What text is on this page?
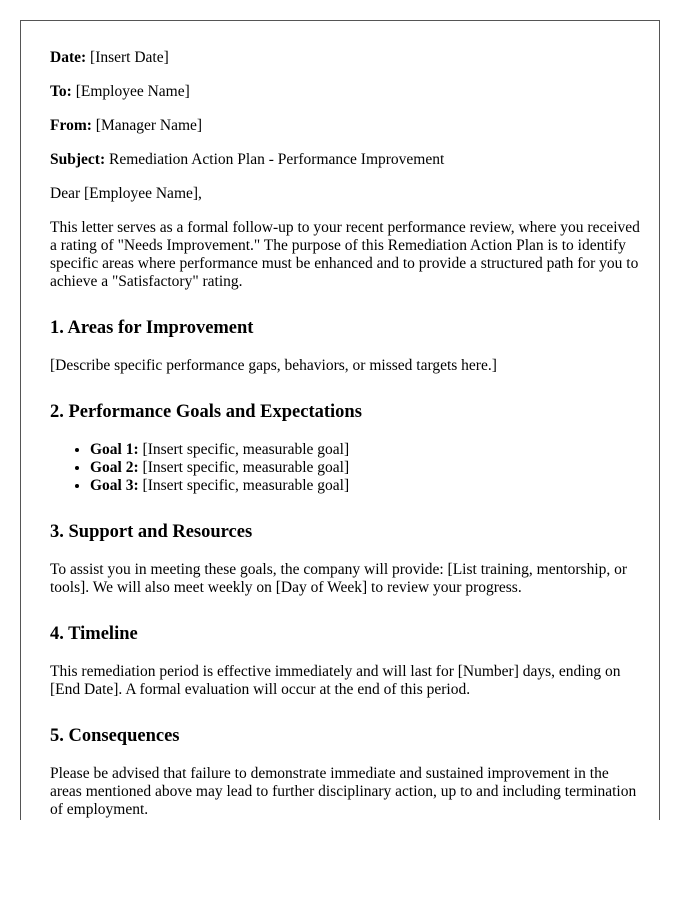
Date: [Insert Date]

To: [Employee Name]

From: [Manager Name]

Subject: Remediation Action Plan - Performance Improvement

Dear [Employee Name],

This letter serves as a formal follow-up to your recent performance review, where you received a rating of "Needs Improvement." The purpose of this Remediation Action Plan is to identify specific areas where performance must be enhanced and to provide a structured path for you to achieve a "Satisfactory" rating.

1. Areas for Improvement

[Describe specific performance gaps, behaviors, or missed targets here.]

2. Performance Goals and Expectations
• Goal 1: [Insert specific, measurable goal]
• Goal 2: [Insert specific, measurable goal]
• Goal 3: [Insert specific, measurable goal]
3. Support and Resources

To assist you in meeting these goals, the company will provide: [List training, mentorship, or tools]. We will also meet weekly on [Day of Week] to review your progress.

4. Timeline

This remediation period is effective immediately and will last for [Number] days, ending on [End Date]. A formal evaluation will occur at the end of this period.

5. Consequences

Please be advised that failure to demonstrate immediate and sustained improvement in the areas mentioned above may lead to further disciplinary action, up to and including termination of employment.
